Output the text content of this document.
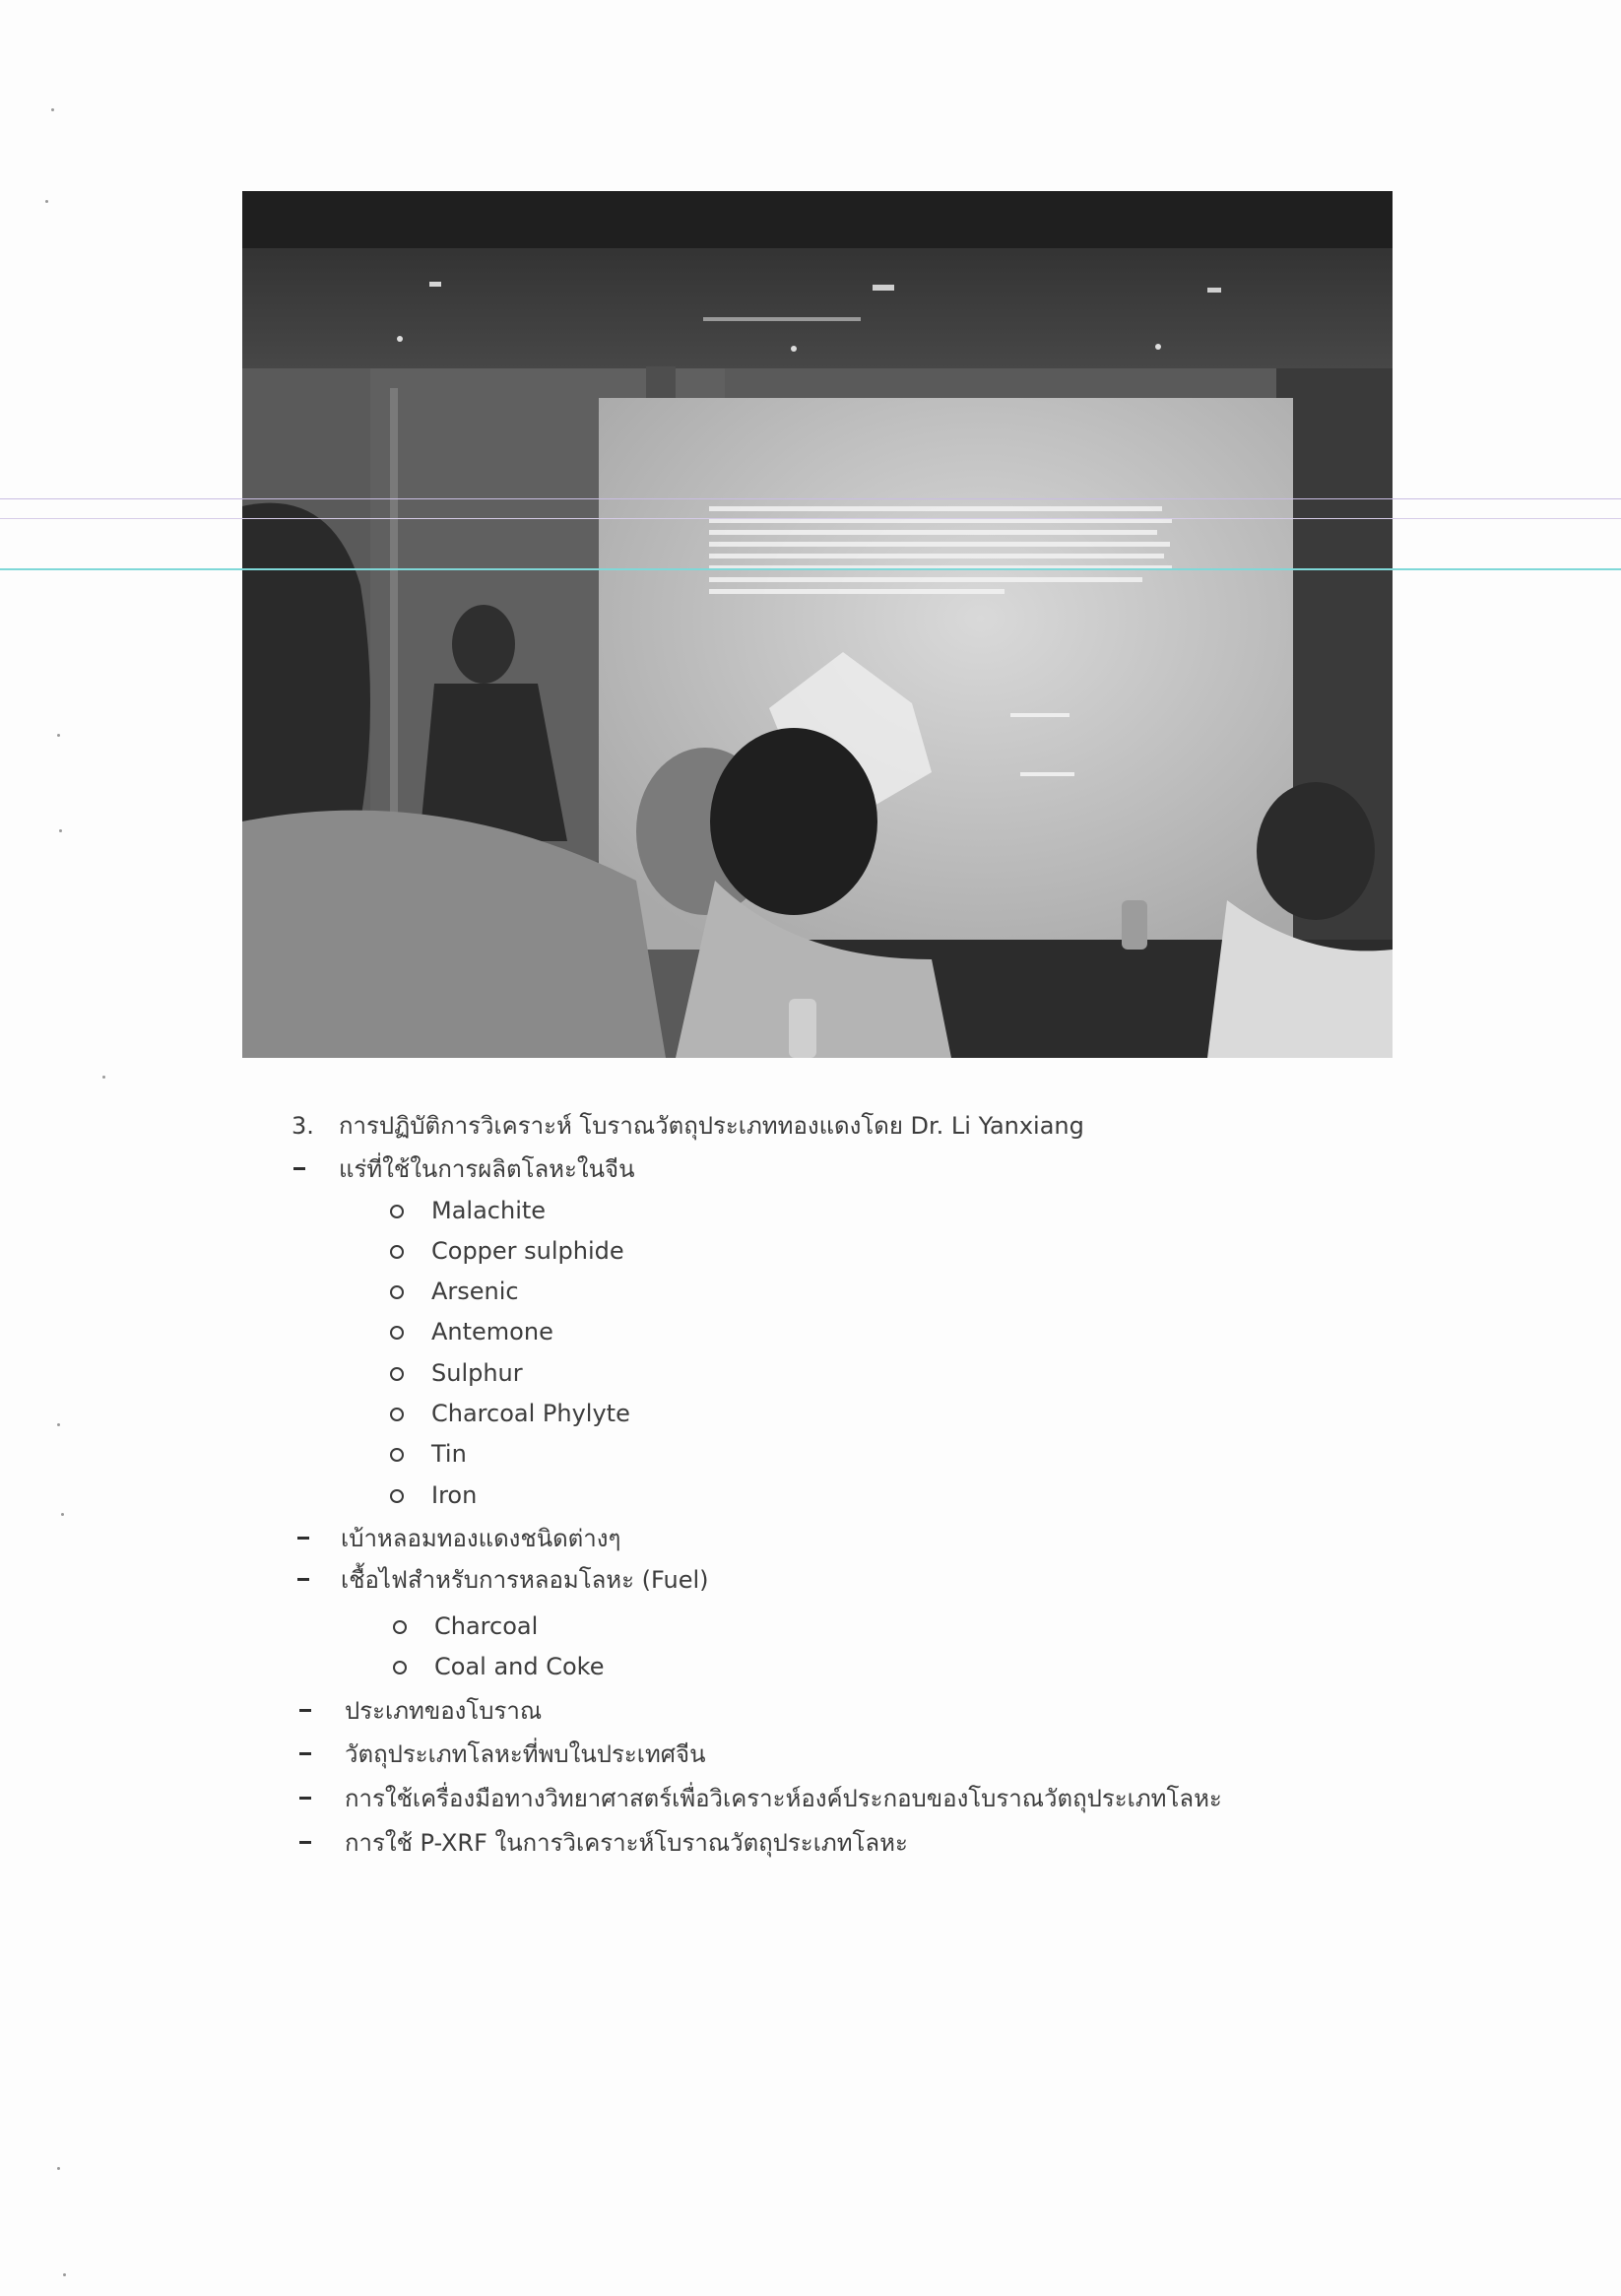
3. การปฏิบัติการวิเคราะห์ โบราณวัตถุประเภททองแดงโดย Dr. Li Yanxiang
แร่ที่ใช้ในการผลิตโลหะในจีน
Malachite
Copper sulphide
Arsenic
Antemone
Sulphur
Charcoal Phylyte
Tin
Iron
เบ้าหลอมทองแดงชนิดต่างๆ
เชื้อไฟสำหรับการหลอมโลหะ (Fuel)
Charcoal
Coal and Coke
ประเภทของโบราณ
วัตถุประเภทโลหะที่พบในประเทศจีน
การใช้เครื่องมือทางวิทยาศาสตร์เพื่อวิเคราะห์องค์ประกอบของโบราณวัตถุประเภทโลหะ
การใช้ P-XRF ในการวิเคราะห์โบราณวัตถุประเภทโลหะ
